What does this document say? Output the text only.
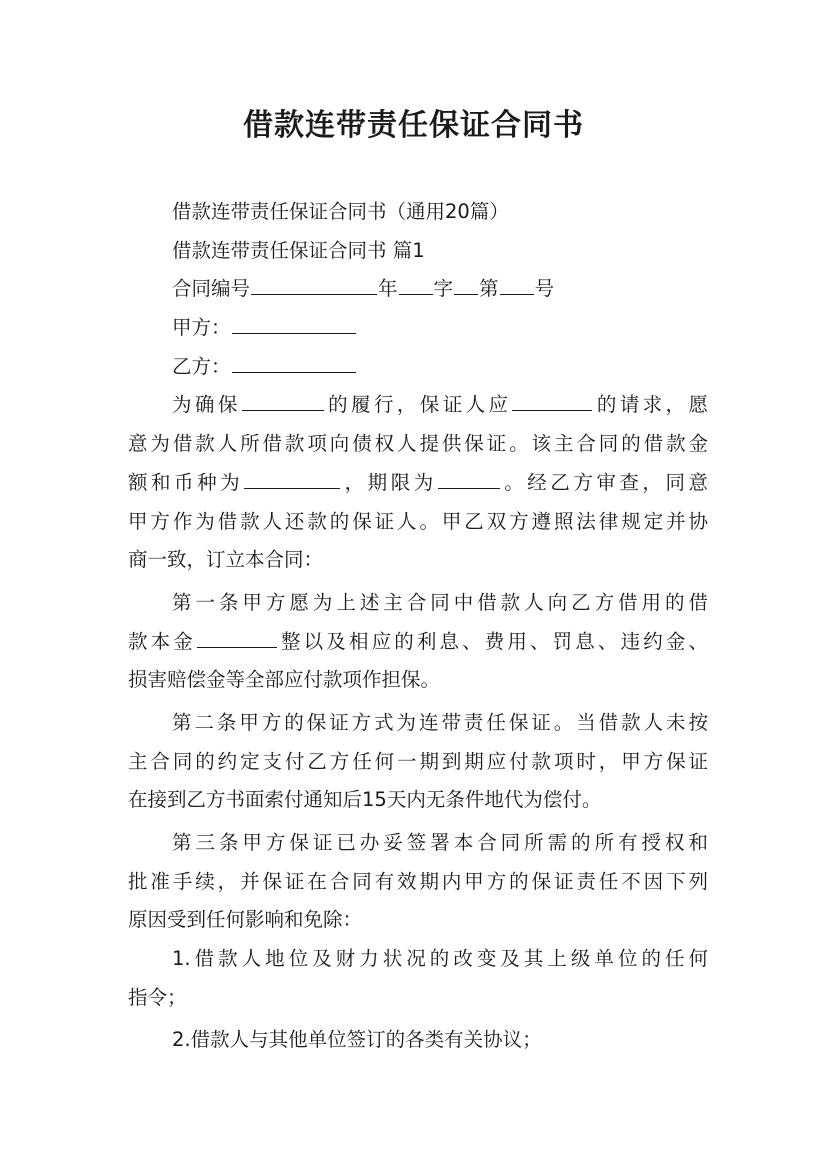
借款连带责任保证合同书
借款连带责任保证合同书（通用20篇）
借款连带责任保证合同书 篇1
合同编号	年 字 第 号
甲方：
乙方：
为确保	的履行，保证人应	的请求，愿
意为借款人所借款项向债权人提供保证。该主合同的借款金
额和币种为	，期限为	。经乙方审查，同意
甲方作为借款人还款的保证人。甲乙双方遵照法律规定并协
商一致，订立本合同：
第一条甲方愿为上述主合同中借款人向乙方借用的借
款本金	整以及相应的利息、费用、罚息、违约金、
损害赔偿金等全部应付款项作担保。
第二条甲方的保证方式为连带责任保证。当借款人未按
主合同的约定支付乙方任何一期到期应付款项时，甲方保证
在接到乙方书面索付通知后15天内无条件地代为偿付。
第三条甲方保证已办妥签署本合同所需的所有授权和
批准手续，并保证在合同有效期内甲方的保证责任不因下列
原因受到任何影响和免除：
1.借款人地位及财力状况的改变及其上级单位的任何
指令；
2.借款人与其他单位签订的各类有关协议；
